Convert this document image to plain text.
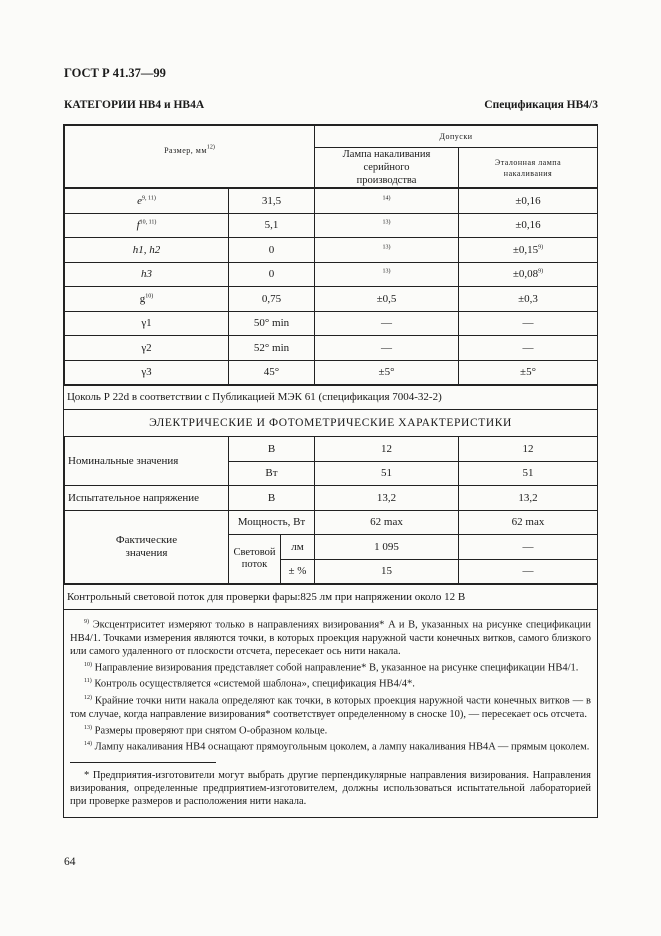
ГОСТ Р 41.37—99
КАТЕГОРИИ HB4 и HB4A	Спецификация HB4/3
Размер, $мм^{12)}$	Допуски	
	Лампа накаливания серийного производства	Эталонная лампа накаливания
$e^{9, 11)}$	31,5	$^{14)}$	±0,16
$f^{10, 11)}$	5,1	$^{13)}$	±0,16
h1, h2	0	$^{13)}$	$\pm 0,15^{9)}$
h3	0	$^{13)}$	$\pm 0,08^{9)}$
$g^{10)}$	0,75	±0,5	±0,3
γ1	50° min	—	—
γ2	52° min	—	—
γ3	45°	±5°	±5°
Цоколь Р 22d в соответствии с Публикацией МЭК 61 (спецификация 7004-32-2)
ЭЛЕКТРИЧЕСКИЕ И ФОТОМЕТРИЧЕСКИЕ ХАРАКТЕРИСТИКИ
Номинальные значения	В		12	12
	Вт		51	51
Испытательное напряжение	В		13,2	13,2
Фактические значения	Мощность, Вт		62 max	62 max
	Световой поток	лм	1 095	—
		± %	15	—
Контрольный световой поток для проверки фары:825 лм при напряжении около 12 В

$^{9)}$ Эксцентриситет измеряют только в направлениях визирования* A и B, указанных на рисунке спецификации HB4/1. Точками измерения являются точки, в которых проекция наружной части конечных витков, самого близкого или самого удаленного от плоскости отсчета, пересекает ось нити накала.

$^{10)}$ Направление визирования представляет собой направление* B, указанное на рисунке спецификации HB4/1.

$^{11)}$ Контроль осуществляется «системой шаблона», спецификация HB4/4*.

$^{12)}$ Крайние точки нити накала определяют как точки, в которых проекция наружной части конечных витков — в том случае, когда направление визирования* соответствует определенному в сноске 10), — пересекает ось отсчета.

$^{13)}$ Размеры проверяют при снятом О-образном кольце.

$^{14)}$ Лампу накаливания HB4 оснащают прямоугольным цоколем, а лампу накаливания HB4A — прямым цоколем.

* Предприятия-изготовители могут выбрать другие перпендикулярные направления визирования. Направления визирования, определенные предприятием-изготовителем, должны использоваться испытательной лабораторией при проверке размеров и расположения нити накала.

64
